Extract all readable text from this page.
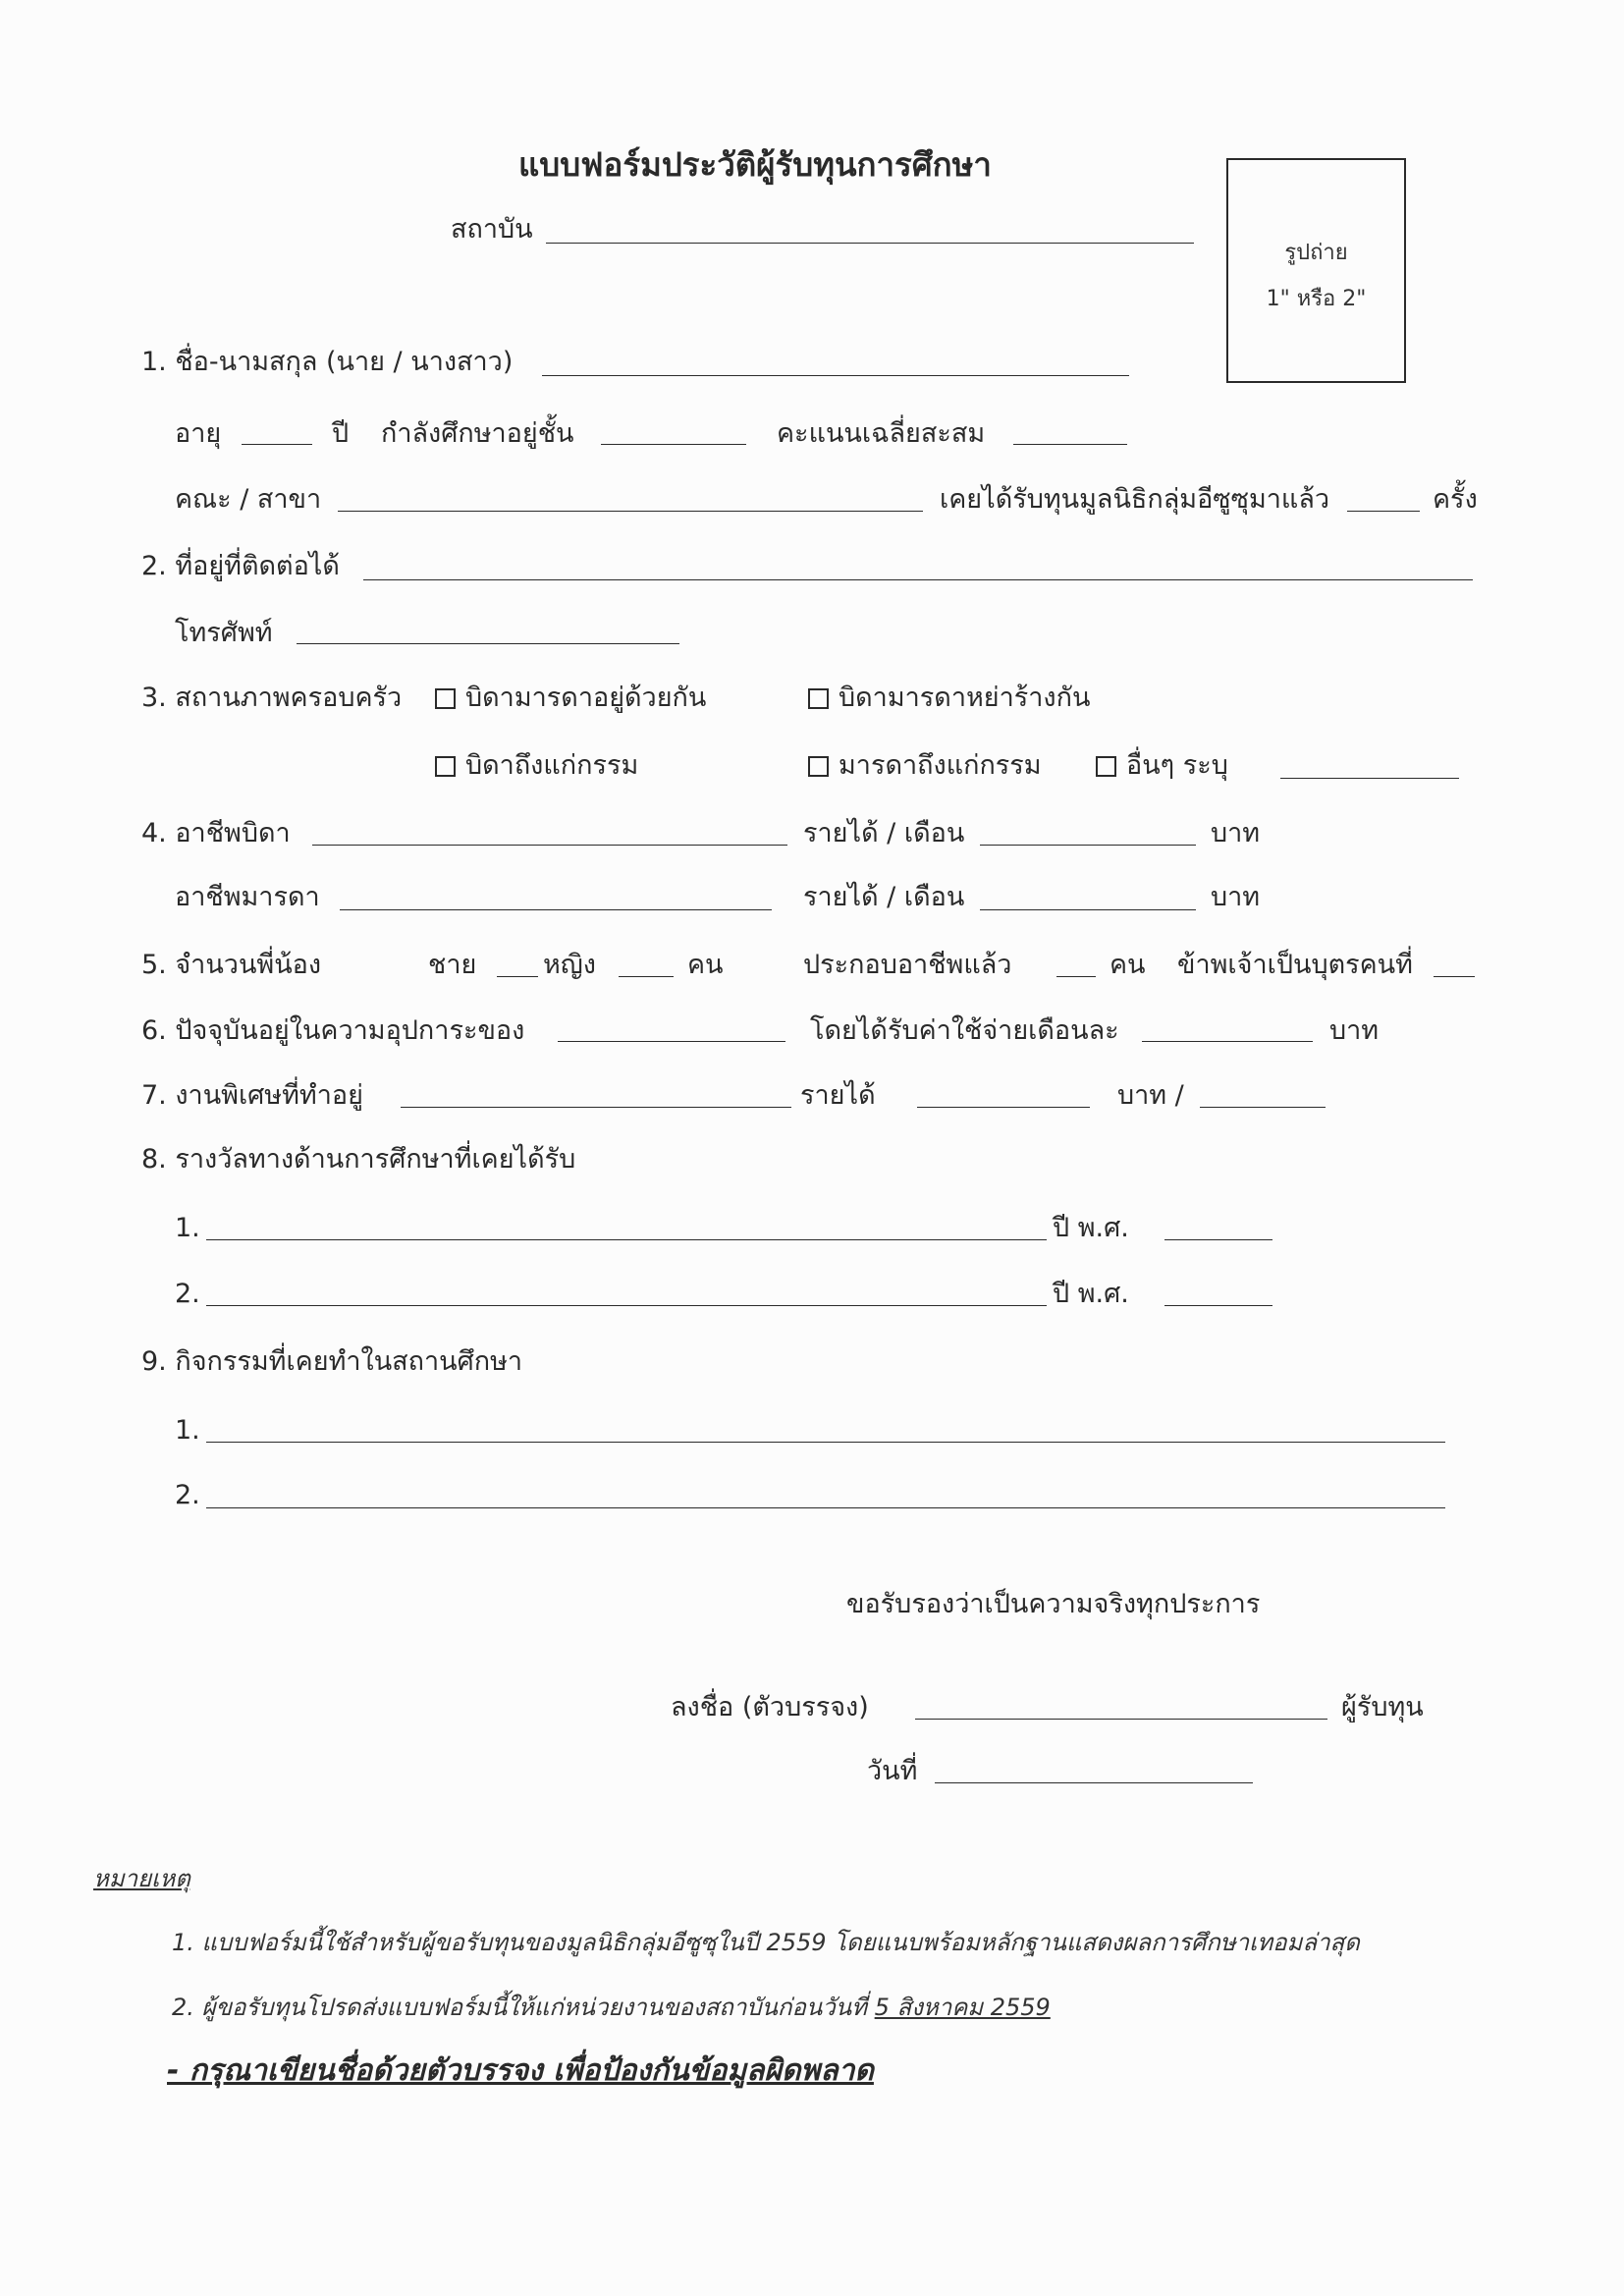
แบบฟอร์มประวัติผู้รับทุนการศึกษา
รูปถ่าย
1" หรือ 2"
สถาบัน
1. ชื่อ-นามสกุล (นาย / นางสาว)
อายุ	ปี กำลังศึกษาอยู่ชั้น	คะแนนเฉลี่ยสะสม
คณะ / สาขา	เคยได้รับทุนมูลนิธิกลุ่มอีซูซุมาแล้ว	ครั้ง
2. ที่อยู่ที่ติดต่อได้
โทรศัพท์
3. สถานภาพครอบครัว	บิดามารดาอยู่ด้วยกัน	บิดามารดาหย่าร้างกัน
บิดาถึงแก่กรรม	มารดาถึงแก่กรรม	อื่นๆ ระบุ
4. อาชีพบิดา	รายได้ / เดือน	บาท
อาชีพมารดา	รายได้ / เดือน	บาท
5. จำนวนพี่น้อง	ชาย	หญิง	คน	ประกอบอาชีพแล้ว	คน ข้าพเจ้าเป็นบุตรคนที่
6. ปัจจุบันอยู่ในความอุปการะของ	โดยได้รับค่าใช้จ่ายเดือนละ	บาท
7. งานพิเศษที่ทำอยู่	รายได้	บาท /
8. รางวัลทางด้านการศึกษาที่เคยได้รับ
1.	ปี พ.ศ.
2.	ปี พ.ศ.
9. กิจกรรมที่เคยทำในสถานศึกษา
1.
2.
ขอรับรองว่าเป็นความจริงทุกประการ
ลงชื่อ (ตัวบรรจง)	ผู้รับทุน
วันที่
หมายเหตุ
1. แบบฟอร์มนี้ใช้สำหรับผู้ขอรับทุนของมูลนิธิกลุ่มอีซูซุในปี 2559 โดยแนบพร้อมหลักฐานแสดงผลการศึกษาเทอมล่าสุด
2. ผู้ขอรับทุนโปรดส่งแบบฟอร์มนี้ให้แก่หน่วยงานของสถาบันก่อนวันที่ 5 สิงหาคม 2559
- กรุณาเขียนชื่อด้วยตัวบรรจง เพื่อป้องกันข้อมูลผิดพลาด
